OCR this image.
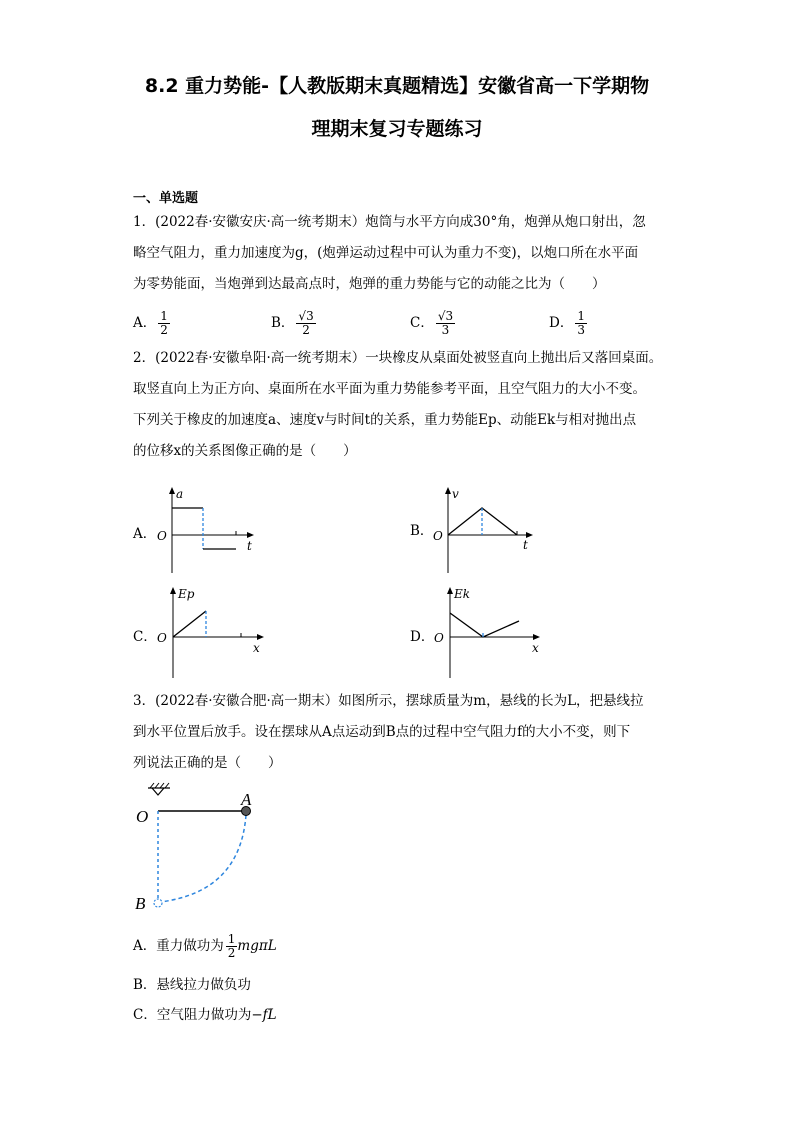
8.2 重力势能-【人教版期末真题精选】安徽省高一下学期物
理期末复习专题练习
一、单选题
1．(2022春·安徽安庆·高一统考期末）炮筒与水平方向成30°角，炮弹从炮口射出，忽
略空气阻力，重力加速度为g，(炮弹运动过程中可认为重力不变)，以炮口所在水平面
为零势能面，当炮弹到达最高点时，炮弹的重力势能与它的动能之比为（　　）
A． $\frac{1}{2}$	B． $\frac{√3}{2}$	C． $\frac{√3}{3}$	D． $\frac{1}{3}$
2．(2022春·安徽阜阳·高一统考期末）一块橡皮从桌面处被竖直向上抛出后又落回桌面。
取竖直向上为正方向、桌面所在水平面为重力势能参考平面，且空气阻力的大小不变。
下列关于橡皮的加速度a、速度v与时间t的关系，重力势能Ep、动能Ek与相对抛出点
的位移x的关系图像正确的是（　　）
A．
a
O
t
B．
v
O
t
C．
Ep
O
x
D．
Ek
O
x
3．(2022春·安徽合肥·高一期末）如图所示，摆球质量为m，悬线的长为L，把悬线拉
到水平位置后放手。设在摆球从A点运动到B点的过程中空气阻力f的大小不变，则下
列说法正确的是（　　）
O
A
B
A．重力做功为 $\frac{1}{2}$ mgπL
B．悬线拉力做负功
C．空气阻力做功为−fL
